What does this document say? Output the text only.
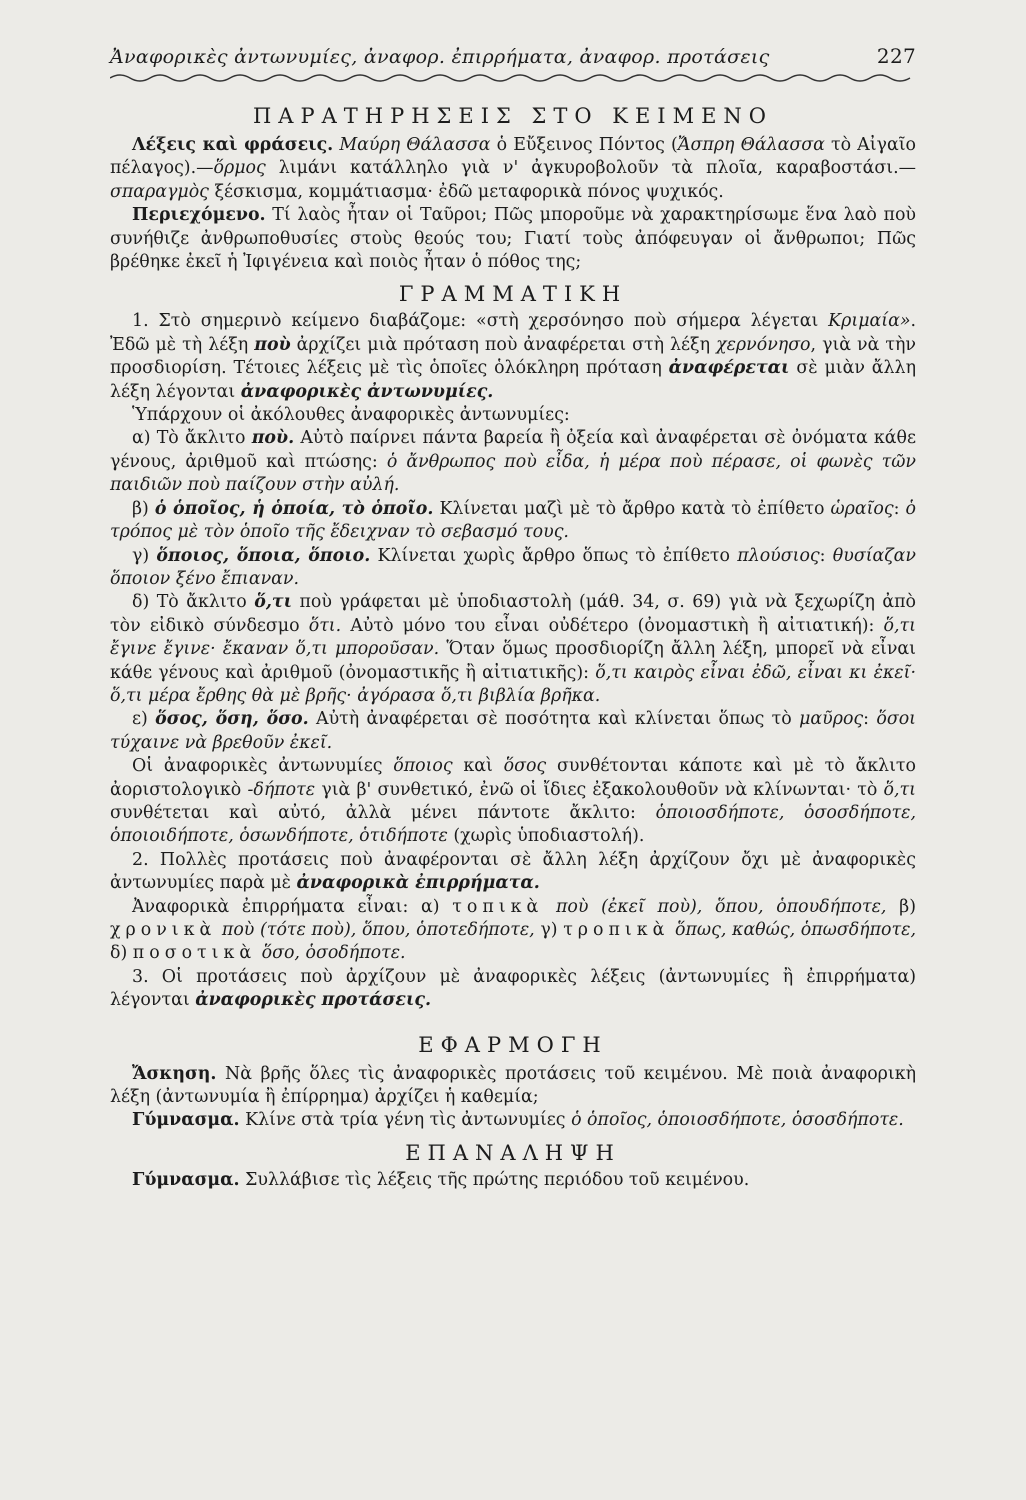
Ἀναφορικὲς ἀντωνυμίες, ἀναφορ. ἐπιρρήματα, ἀναφορ. προτάσεις	227
ΠΑΡΑΤΗΡΗΣΕΙΣ ΣΤΟ ΚΕΙΜΕΝΟ

Λέξεις καὶ φράσεις. Μαύρη Θάλασσα ὁ Εὔξεινος Πόντος (Ἄσπρη Θάλασσα τὸ Αἰγαῖο πέλαγος).—ὅρμος λιμάνι κατάλληλο γιὰ ν' ἀγκυροβολοῦν τὰ πλοῖα, καραβοστάσι.—σπαραγμὸς ξέσκισμα, κομμάτιασμα· ἐδῶ μεταφορικὰ πόνος ψυχικός.

Περιεχόμενο. Τί λαὸς ἦταν οἱ Ταῦροι; Πῶς μποροῦμε νὰ χαρακτηρίσωμε ἕνα λαὸ ποὺ συνήθιζε ἀνθρωποθυσίες στοὺς θεούς του; Γιατί τοὺς ἀπόφευγαν οἱ ἄνθρωποι; Πῶς βρέθηκε ἐκεῖ ἡ Ἰφιγένεια καὶ ποιὸς ἦταν ὁ πόθος της;

ΓΡΑΜΜΑΤΙΚΗ

1. Στὸ σημερινὸ κείμενο διαβάζομε: «στὴ χερσόνησο ποὺ σήμερα λέγεται Κριμαία». Ἐδῶ μὲ τὴ λέξη ποὺ ἀρχίζει μιὰ πρόταση ποὺ ἀναφέρεται στὴ λέξη χερνόνησο, γιὰ νὰ τὴν προσδιορίση. Τέτοιες λέξεις μὲ τὶς ὁποῖες ὁλόκληρη πρόταση ἀναφέρεται σὲ μιὰν ἄλλη λέξη λέγονται ἀναφορικὲς ἀντωνυμίες.

Ὑπάρχουν οἱ ἀκόλουθες ἀναφορικὲς ἀντωνυμίες:

α) Τὸ ἄκλιτο ποὺ. Αὐτὸ παίρνει πάντα βαρεία ἢ ὀξεία καὶ ἀναφέρεται σὲ ὀνόματα κάθε γένους, ἀριθμοῦ καὶ πτώσης: ὁ ἄνθρωπος ποὺ εἶδα, ἡ μέρα ποὺ πέρασε, οἱ φωνὲς τῶν παιδιῶν ποὺ παίζουν στὴν αὐλή.

β) ὁ ὁποῖος, ἡ ὁποία, τὸ ὁποῖο. Κλίνεται μαζὶ μὲ τὸ ἄρθρο κατὰ τὸ ἐπίθετο ὡραῖος: ὁ τρόπος μὲ τὸν ὁποῖο τῆς ἔδειχναν τὸ σεβασμό τους.

γ) ὅποιος, ὅποια, ὅποιο. Κλίνεται χωρὶς ἄρθρο ὅπως τὸ ἐπίθετο πλούσιος: θυσίαζαν ὅποιον ξένο ἔπιαναν.

δ) Τὸ ἄκλιτο ὅ,τι ποὺ γράφεται μὲ ὑποδιαστολὴ (μάθ. 34, σ. 69) γιὰ νὰ ξεχωρίζη ἀπὸ τὸν εἰδικὸ σύνδεσμο ὅτι. Αὐτὸ μόνο του εἶναι οὐδέτερο (ὀνομαστικὴ ἢ αἰτιατική): ὅ,τι ἔγινε ἔγινε· ἔκαναν ὅ,τι μποροῦσαν. Ὅταν ὅμως προσδιορίζη ἄλλη λέξη, μπορεῖ νὰ εἶναι κάθε γένους καὶ ἀριθμοῦ (ὀνομαστικῆς ἢ αἰτιατικῆς): ὅ,τι καιρὸς εἶναι ἐδῶ, εἶναι κι ἐκεῖ· ὅ,τι μέρα ἔρθης θὰ μὲ βρῆς· ἀγόρασα ὅ,τι βιβλία βρῆκα.

ε) ὅσος, ὅση, ὅσο. Αὐτὴ ἀναφέρεται σὲ ποσότητα καὶ κλίνεται ὅπως τὸ μαῦρος: ὅσοι τύχαινε νὰ βρεθοῦν ἐκεῖ.

Οἱ ἀναφορικὲς ἀντωνυμίες ὅποιος καὶ ὅσος συνθέτονται κάποτε καὶ μὲ τὸ ἄκλιτο ἀοριστολογικὸ -δήποτε γιὰ β' συνθετικό, ἐνῶ οἱ ἴδιες ἐξακολουθοῦν νὰ κλίνωνται· τὸ ὅ,τι συνθέτεται καὶ αὐτό, ἀλλὰ μένει πάντοτε ἄκλιτο: ὁποιοσδήποτε, ὁσοσδήποτε, ὁποιοιδήποτε, ὁσωνδήποτε, ὁτιδήποτε (χωρὶς ὑποδιαστολή).

2. Πολλὲς προτάσεις ποὺ ἀναφέρονται σὲ ἄλλη λέξη ἀρχίζουν ὄχι μὲ ἀναφορικὲς ἀντωνυμίες παρὰ μὲ ἀναφορικὰ ἐπιρρήματα.

Ἀναφορικὰ ἐπιρρήματα εἶναι: α) τοπικὰ ποὺ (ἐκεῖ ποὺ), ὅπου, ὁπουδήποτε, β) χρονικὰ ποὺ (τότε ποὺ), ὅπου, ὁποτεδήποτε, γ) τροπικὰ ὅπως, καθώς, ὁπωσδήποτε, δ) ποσοτικὰ ὅσο, ὁσοδήποτε.

3. Οἱ προτάσεις ποὺ ἀρχίζουν μὲ ἀναφορικὲς λέξεις (ἀντωνυμίες ἢ ἐπιρρήματα) λέγονται ἀναφορικὲς προτάσεις.

ΕΦΑΡΜΟΓΗ

Ἄσκηση. Νὰ βρῆς ὅλες τὶς ἀναφορικὲς προτάσεις τοῦ κειμένου. Μὲ ποιὰ ἀναφορικὴ λέξη (ἀντωνυμία ἢ ἐπίρρημα) ἀρχίζει ἡ καθεμία;

Γύμνασμα. Κλίνε στὰ τρία γένη τὶς ἀντωνυμίες ὁ ὁποῖος, ὁποιοσδήποτε, ὁσοσδήποτε.

ΕΠΑΝΑΛΗΨΗ

Γύμνασμα. Συλλάβισε τὶς λέξεις τῆς πρώτης περιόδου τοῦ κειμένου.
